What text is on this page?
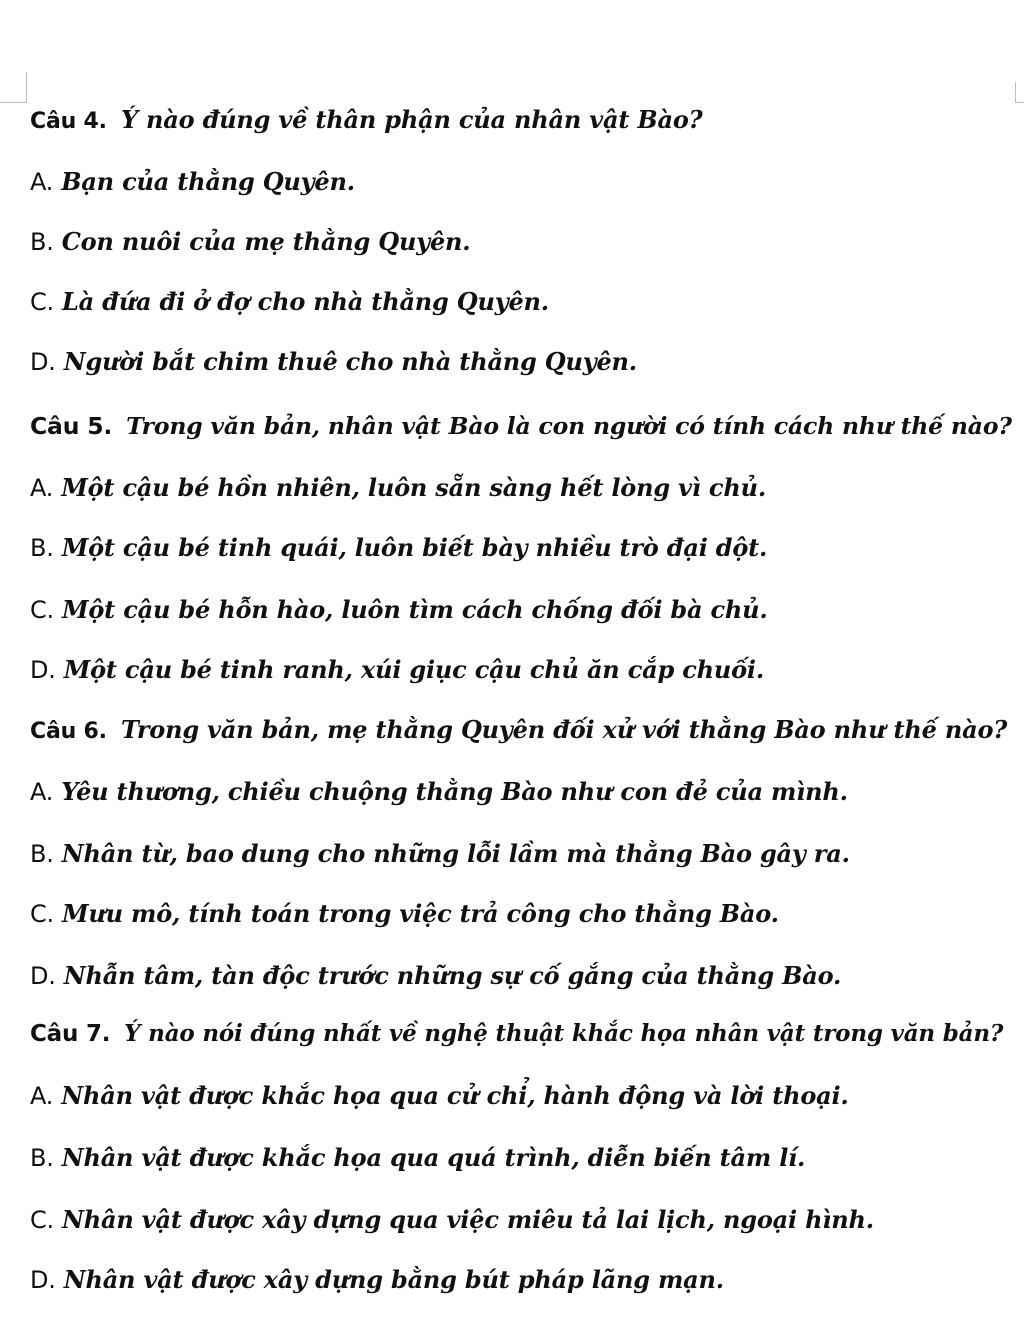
Câu 4. Ý nào đúng về thân phận của nhân vật Bào?
A. Bạn của thằng Quyên.
B. Con nuôi của mẹ thằng Quyên.
C. Là đứa đi ở đợ cho nhà thằng Quyên.
D. Người bắt chim thuê cho nhà thằng Quyên.
Câu 5. Trong văn bản, nhân vật Bào là con người có tính cách như thế nào?
A. Một cậu bé hồn nhiên, luôn sẵn sàng hết lòng vì chủ.
B. Một cậu bé tinh quái, luôn biết bày nhiều trò đại dột.
C. Một cậu bé hỗn hào, luôn tìm cách chống đối bà chủ.
D. Một cậu bé tinh ranh, xúi giục cậu chủ ăn cắp chuối.
Câu 6. Trong văn bản, mẹ thằng Quyên đối xử với thằng Bào như thế nào?
A. Yêu thương, chiều chuộng thằng Bào như con đẻ của mình.
B. Nhân từ, bao dung cho những lỗi lầm mà thằng Bào gây ra.
C. Mưu mô, tính toán trong việc trả công cho thằng Bào.
D. Nhẫn tâm, tàn độc trước những sự cố gắng của thằng Bào.
Câu 7. Ý nào nói đúng nhất về nghệ thuật khắc họa nhân vật trong văn bản?
A. Nhân vật được khắc họa qua cử chỉ, hành động và lời thoại.
B. Nhân vật được khắc họa qua quá trình, diễn biến tâm lí.
C. Nhân vật được xây dựng qua việc miêu tả lai lịch, ngoại hình.
D. Nhân vật được xây dựng bằng bút pháp lãng mạn.
